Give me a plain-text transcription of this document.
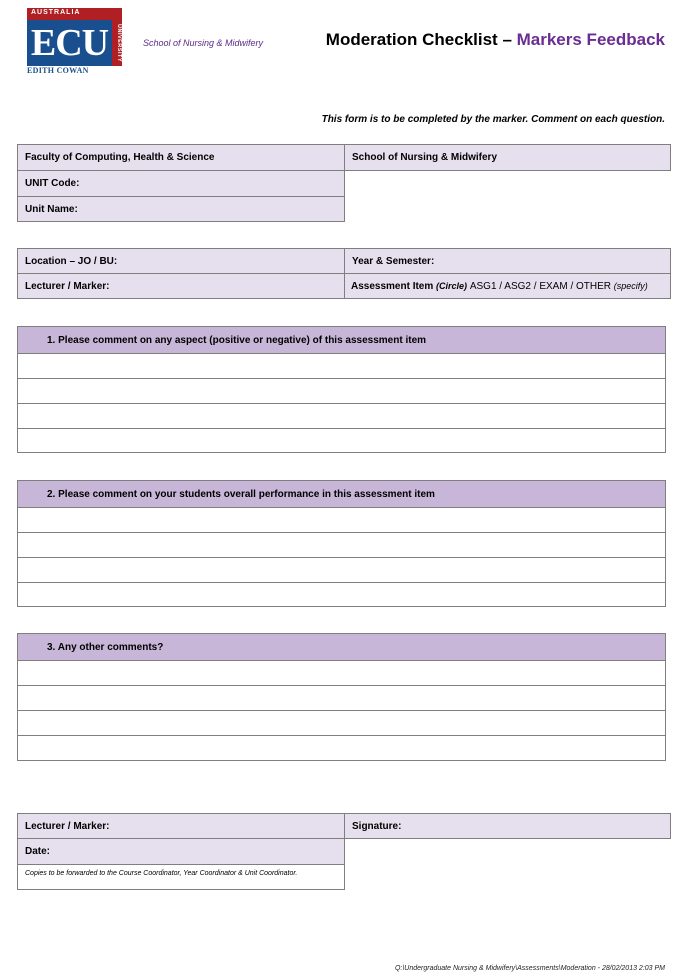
AUSTRALIA
ECU	UNIVERSITY
EDITH COWAN
School of Nursing & Midwifery	Moderation Checklist – Markers Feedback
This form is to be completed by the marker. Comment on each question.
Faculty of Computing, Health & Science	School of Nursing & Midwifery
UNIT Code:
Unit Name:
Location – JO / BU:	Year & Semester:
Lecturer / Marker:	Assessment Item
(Circle)
ASG1 / ASG2 / EXAM / OTHER
(specify)
1. Please comment on any aspect (positive or negative) of this assessment item
2. Please comment on your students overall performance in this assessment item
3. Any other comments?
Lecturer / Marker:	Signature:
Date:
Copies to be forwarded to the Course Coordinator, Year Coordinator & Unit Coordinator.
Q:\Undergraduate Nursing & Midwifery\Assessments\Moderation - 28/02/2013 2:03 PM
